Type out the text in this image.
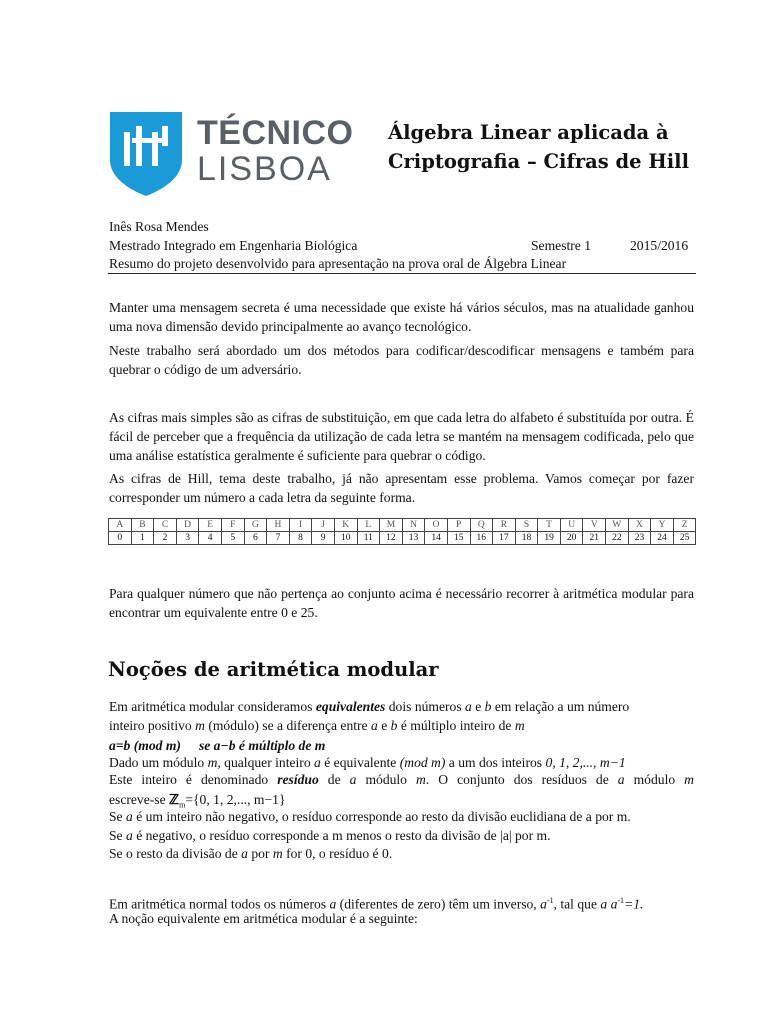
TÉCNICO
LISBOA
Álgebra Linear aplicada à
Criptografia – Cifras de Hill
Inês Rosa Mendes
Mestrado Integrado em Engenharia Biológica	Semestre 1	2015/2016
Resumo do projeto desenvolvido para apresentação na prova oral de Álgebra Linear
Manter uma mensagem secreta é uma necessidade que existe há vários séculos, mas na atualidade ganhou uma nova dimensão devido principalmente ao avanço tecnológico.
Neste trabalho será abordado um dos métodos para codificar/descodificar mensagens e também para quebrar o código de um adversário.
As cifras mais simples são as cifras de substituição, em que cada letra do alfabeto é substituída por outra. É fácil de perceber que a frequência da utilização de cada letra se mantém na mensagem codificada, pelo que uma análise estatística geralmente é suficiente para quebrar o código.
As cifras de Hill, tema deste trabalho, já não apresentam esse problema. Vamos começar por fazer corresponder um número a cada letra da seguinte forma.
A	B	C	D	E	F	G	H	I	J	K	L	M	N	O	P	Q	R	S	T	U	V	W	X	Y	Z
0	1	2	3	4	5	6	7	8	9	10	11	12	13	14	15	16	17	18	19	20	21	22	23	24	25
Para qualquer número que não pertença ao conjunto acima é necessário recorrer à aritmética modular para encontrar um equivalente entre 0 e 25.
Noções de aritmética modular
Em aritmética modular consideramos equivalentes dois números a e b em relação a um número
inteiro positivo m (módulo) se a diferença entre a e b é múltiplo inteiro de m
a=b (mod m) se a−b é múltiplo de m
Dado um módulo m, qualquer inteiro a é equivalente (mod m) a um dos inteiros 0, 1, 2,..., m−1
Este inteiro é denominado resíduo de a módulo m. O conjunto dos resíduos de a módulo m
escreve-se ℤ$_m$={0, 1, 2,..., m−1}
Se a é um inteiro não negativo, o resíduo corresponde ao resto da divisão euclidiana de a por m.
Se a é negativo, o resíduo corresponde a m menos o resto da divisão de |a| por m.
Se o resto da divisão de a por m for 0, o resíduo é 0.
Em aritmética normal todos os números a (diferentes de zero) têm um inverso, $a^{-1}$, tal que a $a^{-1}=1$.
A noção equivalente em aritmética modular é a seguinte:
